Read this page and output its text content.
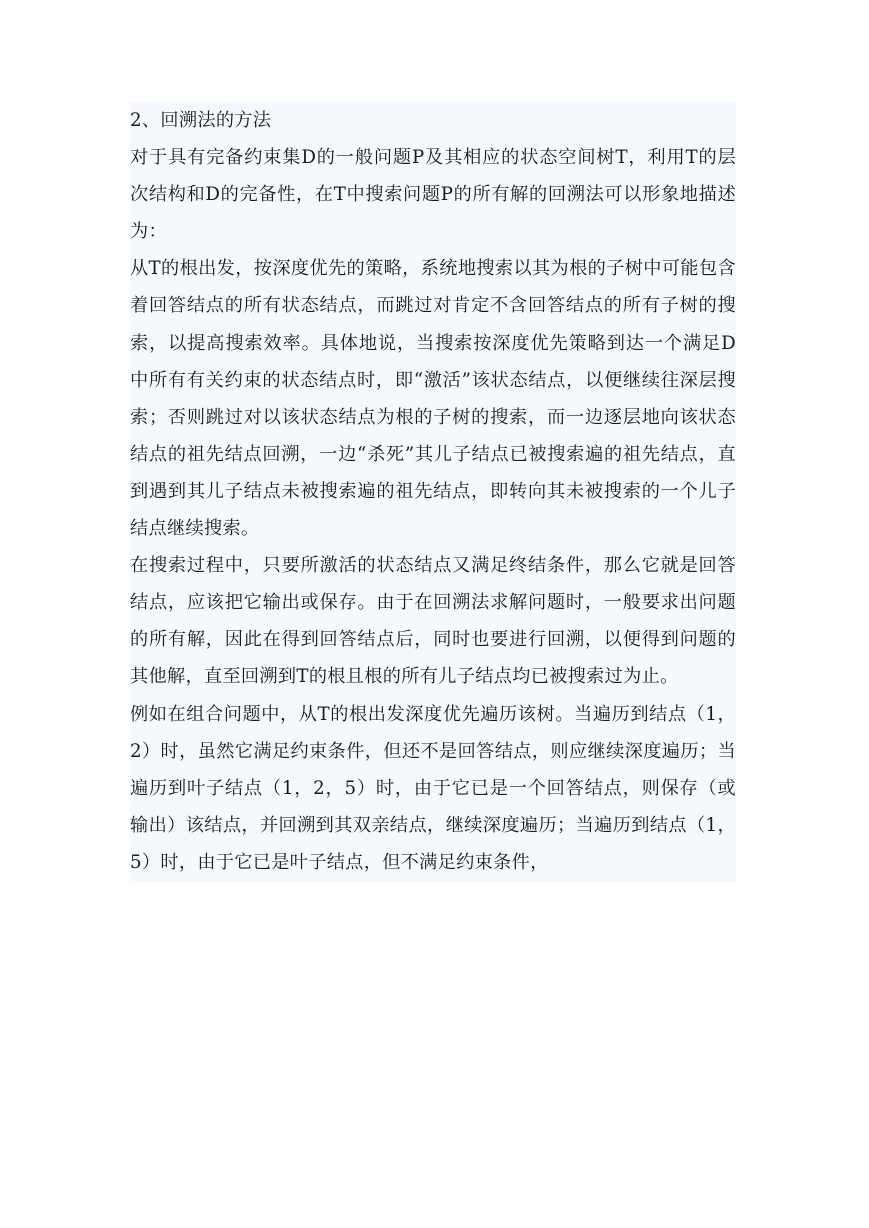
2、回溯法的方法

对于具有完备约束集D的一般问题P及其相应的状态空间树T，利用T的层次结构和D的完备性，在T中搜索问题P的所有解的回溯法可以形象地描述为：

从T的根出发，按深度优先的策略，系统地搜索以其为根的子树中可能包含着回答结点的所有状态结点，而跳过对肯定不含回答结点的所有子树的搜索，以提高搜索效率。具体地说，当搜索按深度优先策略到达一个满足D中所有有关约束的状态结点时，即“激活”该状态结点，以便继续往深层搜索；否则跳过对以该状态结点为根的子树的搜索，而一边逐层地向该状态结点的祖先结点回溯，一边“杀死”其儿子结点已被搜索遍的祖先结点，直到遇到其儿子结点未被搜索遍的祖先结点，即转向其未被搜索的一个儿子结点继续搜索。

在搜索过程中，只要所激活的状态结点又满足终结条件，那么它就是回答结点，应该把它输出或保存。由于在回溯法求解问题时，一般要求出问题的所有解，因此在得到回答结点后，同时也要进行回溯，以便得到问题的其他解，直至回溯到T的根且根的所有儿子结点均已被搜索过为止。

例如在组合问题中，从T的根出发深度优先遍历该树。当遍历到结点（1，2）时，虽然它满足约束条件，但还不是回答结点，则应继续深度遍历；当遍历到叶子结点（1，2，5）时，由于它已是一个回答结点，则保存（或输出）该结点，并回溯到其双亲结点，继续深度遍历；当遍历到结点（1，5）时，由于它已是叶子结点，但不满足约束条件，
